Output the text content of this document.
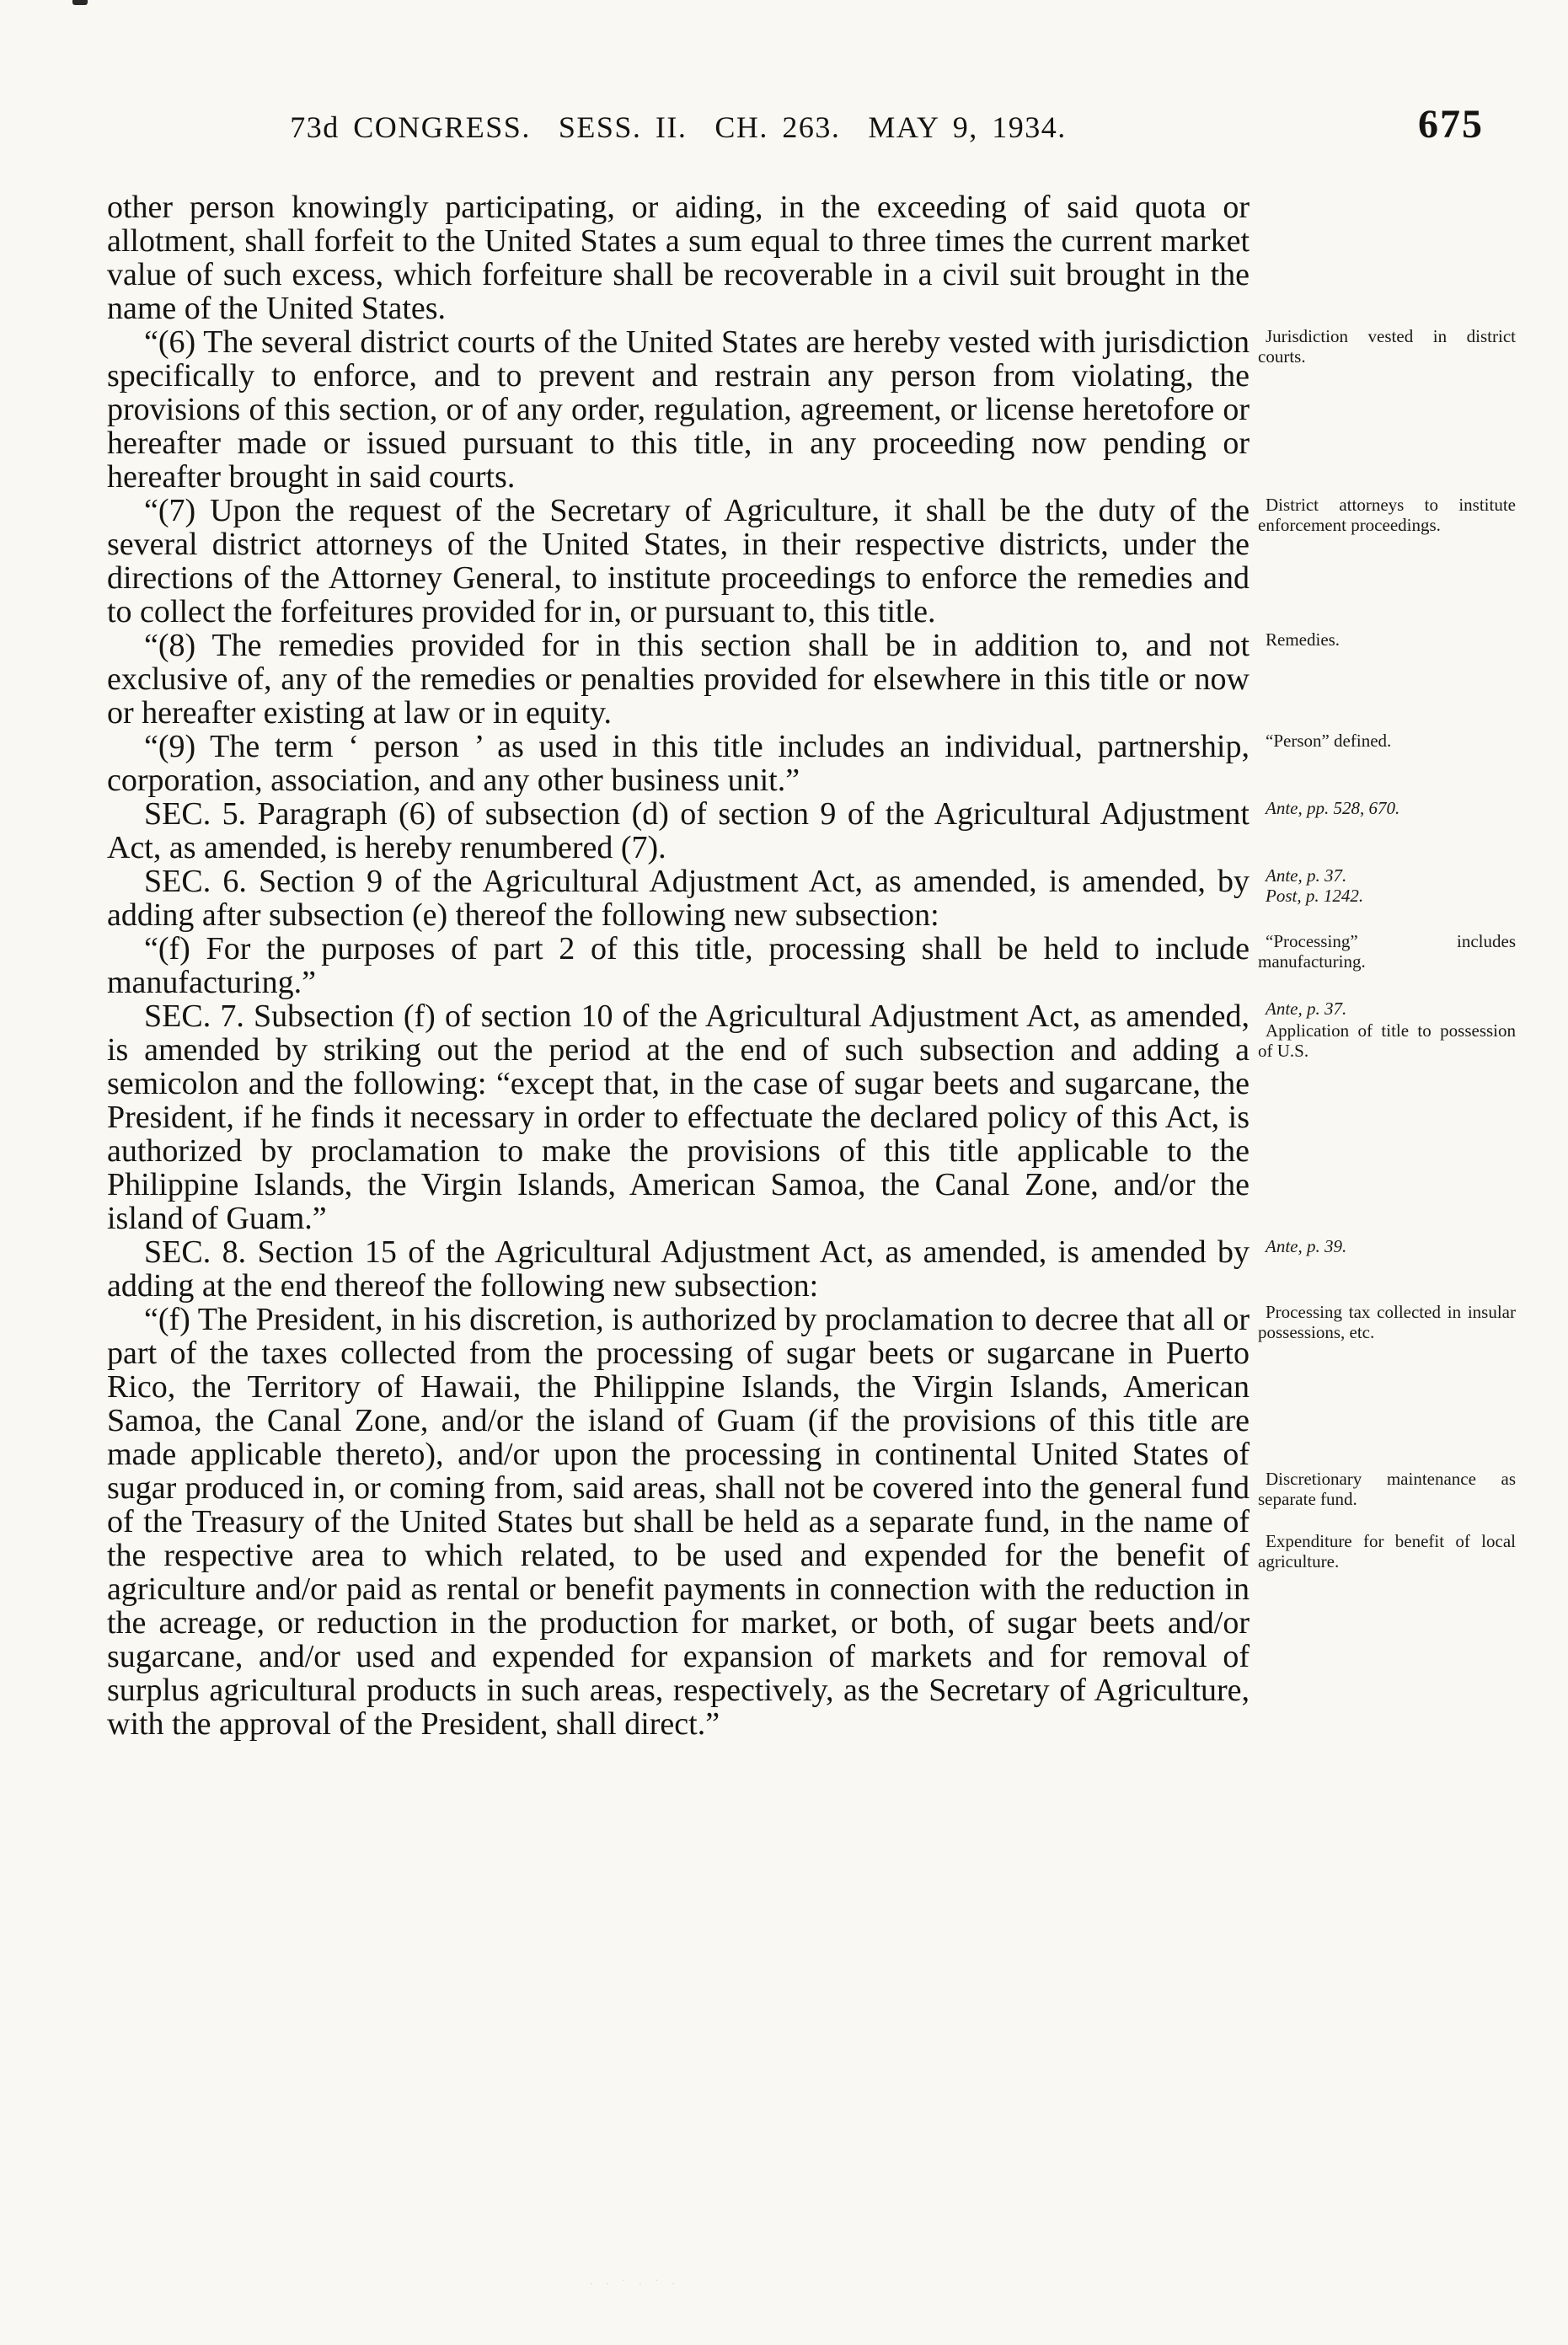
73d CONGRESS.  SESS. II.  CH. 263.  MAY 9, 1934.	675
other person knowingly participating, or aiding, in the exceeding of said quota or allotment, shall forfeit to the United States a sum equal to three times the current market value of such excess, which forfeiture shall be recoverable in a civil suit brought in the name of the United States.
“(6) The several district courts of the United States are hereby vested with jurisdiction specifically to enforce, and to prevent and restrain any person from violating, the provisions of this section, or of any order, regulation, agreement, or license heretofore or hereafter made or issued pursuant to this title, in any proceeding now pending or hereafter brought in said courts.
Jurisdiction vested in district courts.
“(7) Upon the request of the Secretary of Agriculture, it shall be the duty of the several district attorneys of the United States, in their respective districts, under the directions of the Attorney General, to institute proceedings to enforce the remedies and to collect the forfeitures provided for in, or pursuant to, this title.
District attorneys to institute enforcement proceedings.
“(8) The remedies provided for in this section shall be in addition to, and not exclusive of, any of the remedies or penalties provided for elsewhere in this title or now or hereafter existing at law or in equity.
Remedies.
“(9) The term ‘ person ’ as used in this title includes an individual, partnership, corporation, association, and any other business unit.”
“Person” defined.
SEC. 5. Paragraph (6) of subsection (d) of section 9 of the Agricultural Adjustment Act, as amended, is hereby renumbered (7).
Ante, pp. 528, 670.
SEC. 6. Section 9 of the Agricultural Adjustment Act, as amended, is amended, by adding after subsection (e) thereof the following new subsection:
Ante, p. 37.
Post, p. 1242.
“(f) For the purposes of part 2 of this title, processing shall be held to include manufacturing.”
“Processing” includes manufacturing.
SEC. 7. Subsection (f) of section 10 of the Agricultural Adjustment Act, as amended, is amended by striking out the period at the end of such subsection and adding a semicolon and the following: “except that, in the case of sugar beets and sugarcane, the President, if he finds it necessary in order to effectuate the declared policy of this Act, is authorized by proclamation to make the provisions of this title applicable to the Philippine Islands, the Virgin Islands, American Samoa, the Canal Zone, and/or the island of Guam.”
Ante, p. 37.
Application of title to possession of U.S.
SEC. 8. Section 15 of the Agricultural Adjustment Act, as amended, is amended by adding at the end thereof the following new subsection:
Ante, p. 39.
“(f) The President, in his discretion, is authorized by proclamation to decree that all or part of the taxes collected from the processing of sugar beets or sugarcane in Puerto Rico, the Territory of Hawaii, the Philippine Islands, the Virgin Islands, American Samoa, the Canal Zone, and/or the island of Guam (if the provisions of this title are made applicable thereto), and/or upon the processing in continental United States of sugar produced in, or coming from, said areas, shall not be covered into the general fund of the Treasury of the United States but shall be held as a separate fund, in the name of the respective area to which related, to be used and expended for the benefit of agriculture and/or paid as rental or benefit payments in connection with the reduction in the acreage, or reduction in the production for market, or both, of sugar beets and/or sugarcane, and/or used and expended for expansion of markets and for removal of surplus agricultural products in such areas, respectively, as the Secretary of Agriculture, with the approval of the President, shall direct.”
Processing tax collected in insular possessions, etc.
Discretionary maintenance as separate fund.
Expenditure for benefit of local agriculture.
. . · . · .
